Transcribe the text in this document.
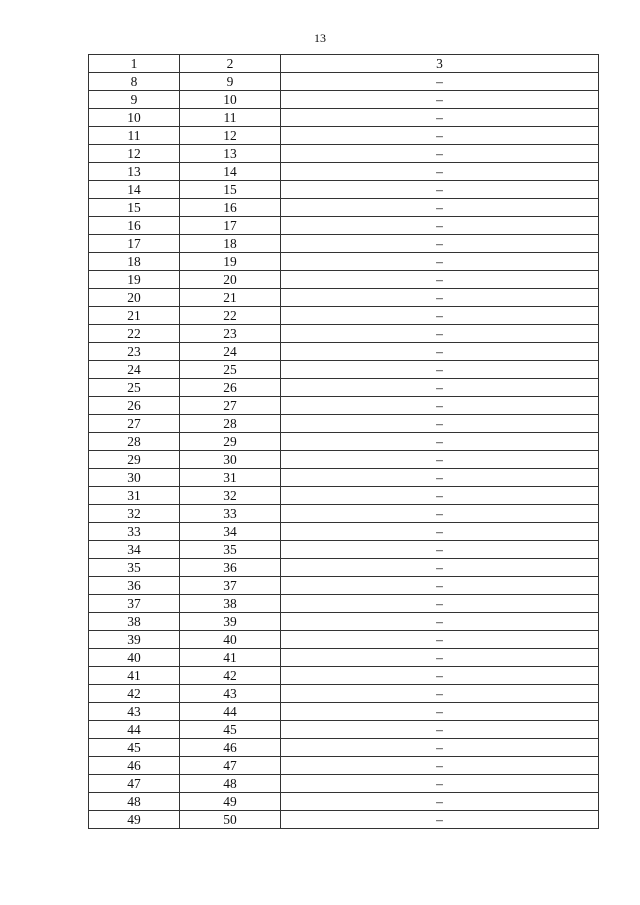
13
1	2	3
8	9	–
9	10	–
10	11	–
11	12	–
12	13	–
13	14	–
14	15	–
15	16	–
16	17	–
17	18	–
18	19	–
19	20	–
20	21	–
21	22	–
22	23	–
23	24	–
24	25	–
25	26	–
26	27	–
27	28	–
28	29	–
29	30	–
30	31	–
31	32	–
32	33	–
33	34	–
34	35	–
35	36	–
36	37	–
37	38	–
38	39	–
39	40	–
40	41	–
41	42	–
42	43	–
43	44	–
44	45	–
45	46	–
46	47	–
47	48	–
48	49	–
49	50	–
